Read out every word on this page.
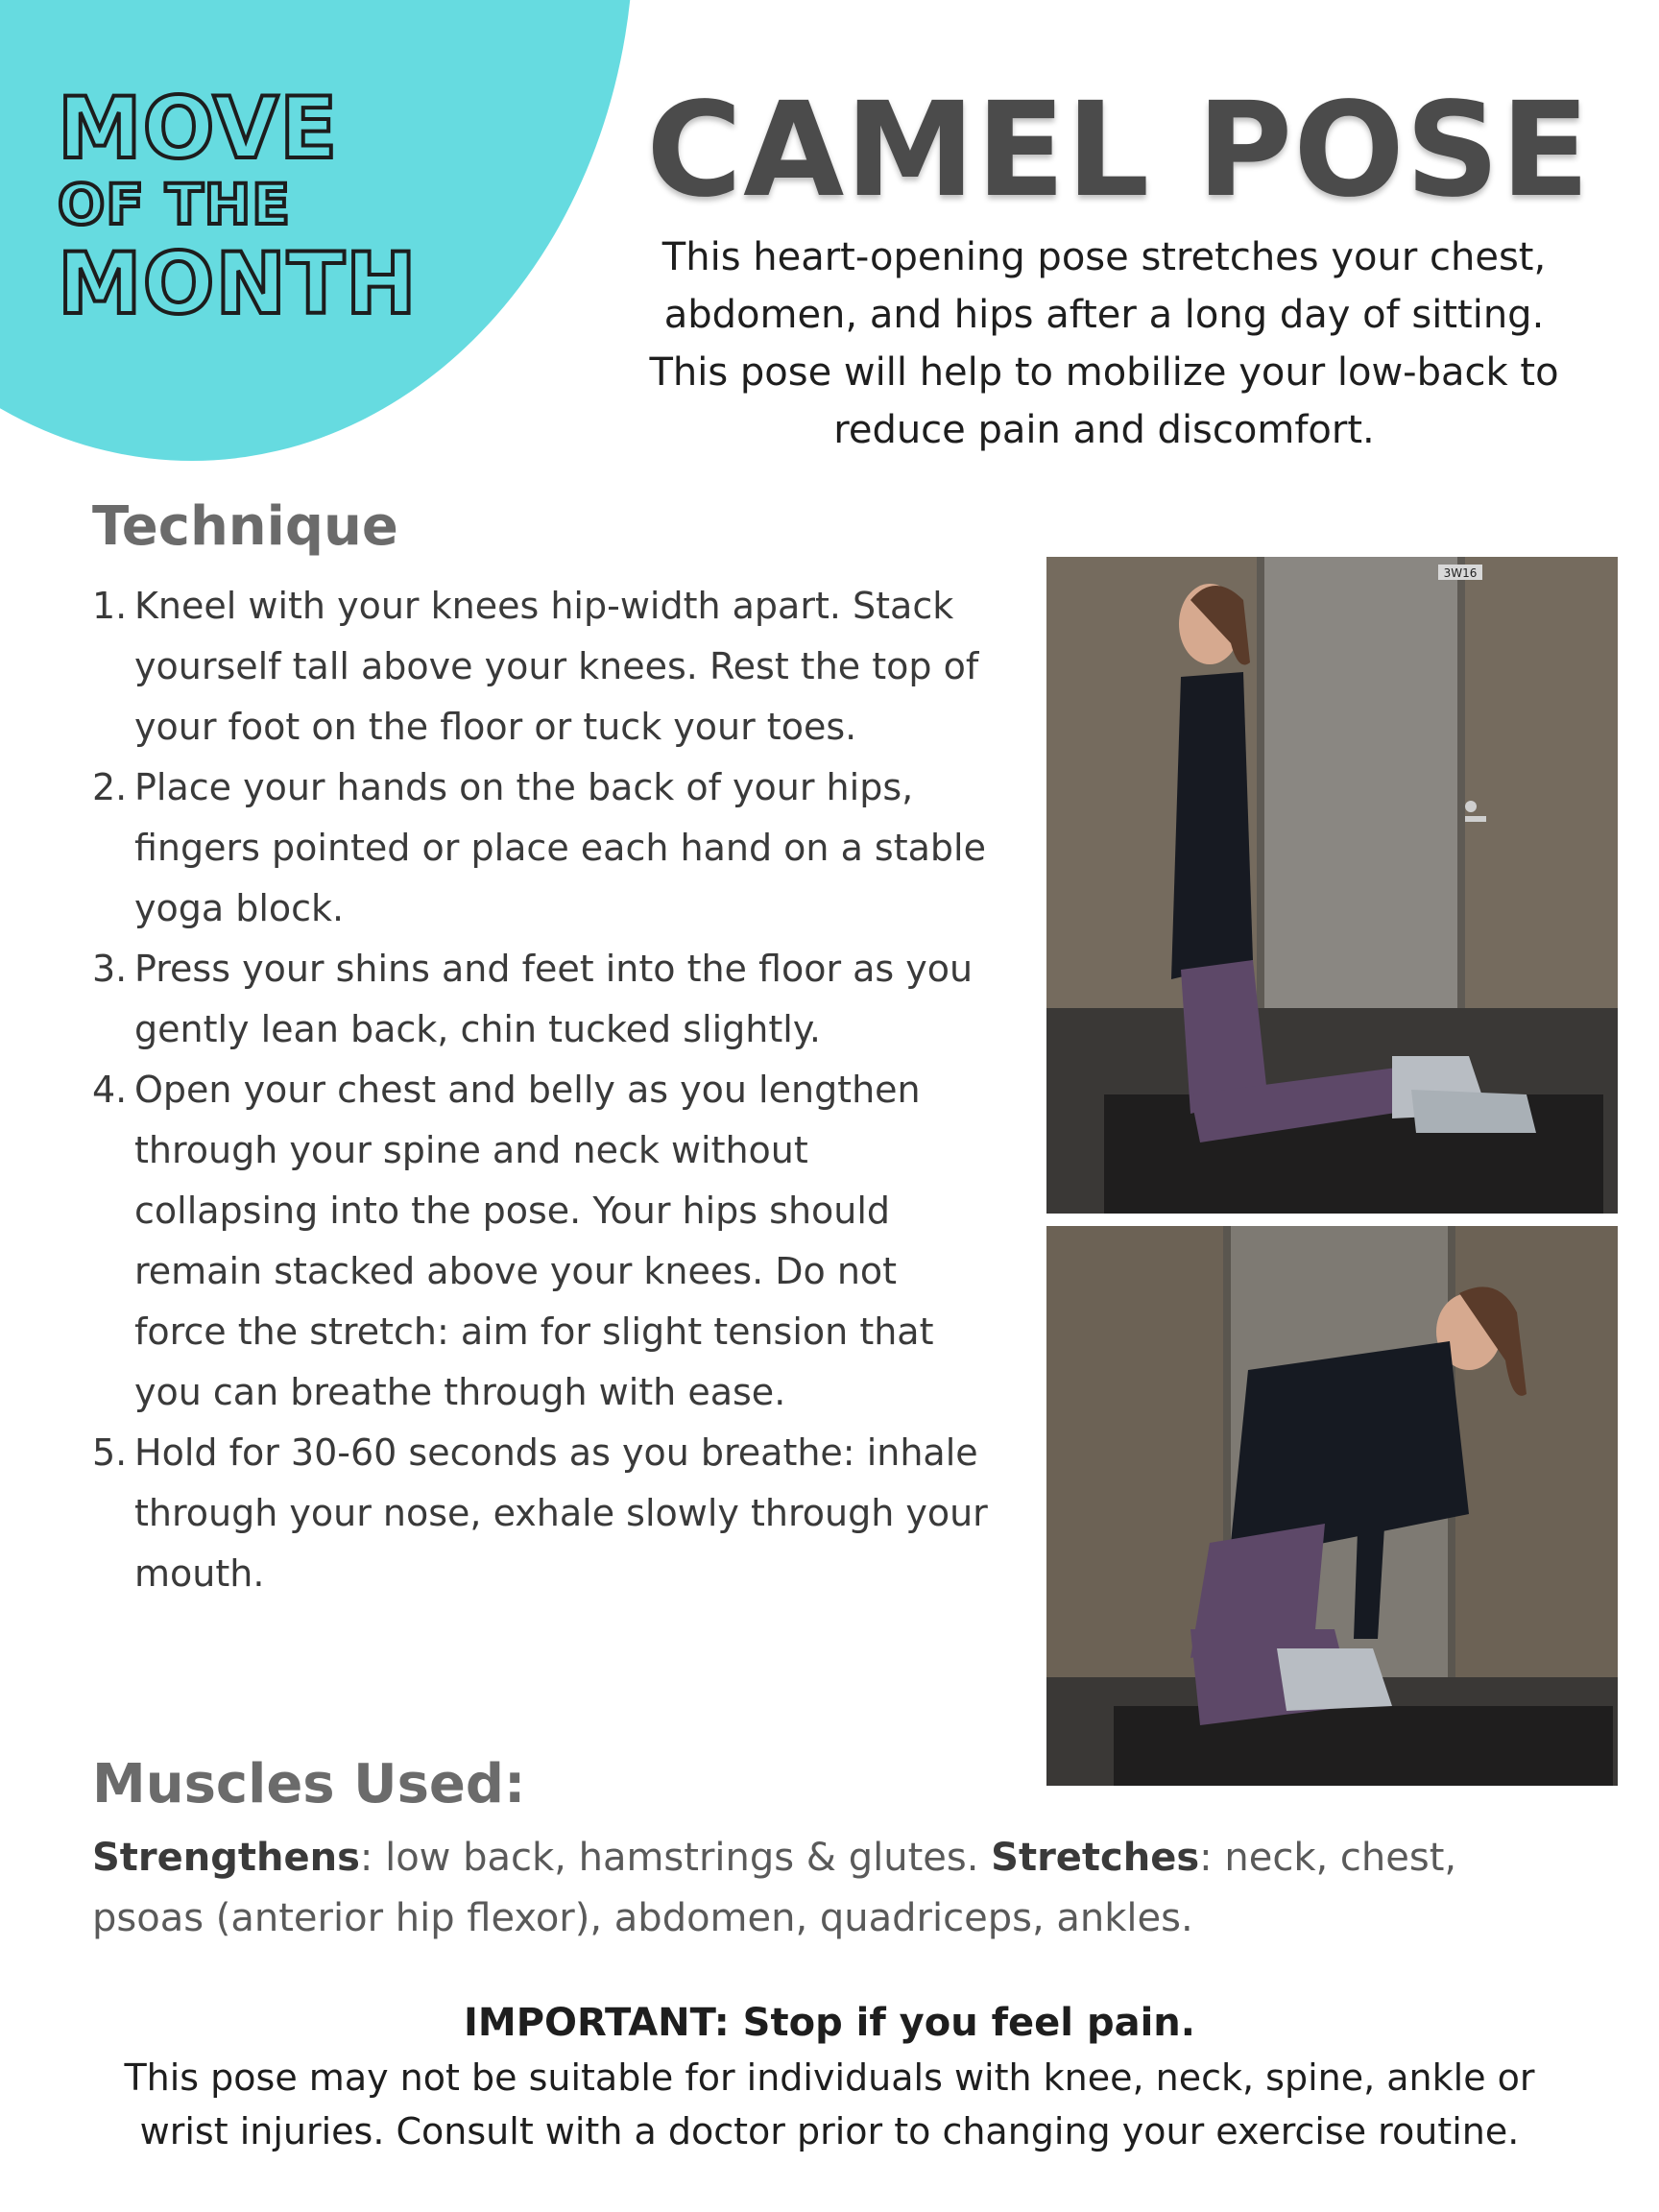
MOVE
OF THE
MONTH
CAMEL POSE
This heart-opening pose stretches your chest, abdomen, and hips after a long day of sitting. This pose will help to mobilize your low-back to reduce pain and discomfort.
Technique
1. Kneel with your knees hip-width apart. Stack yourself tall above your knees. Rest the top of your foot on the floor or tuck your toes.
2. Place your hands on the back of your hips, fingers pointed or place each hand on a stable yoga block.
3. Press your shins and feet into the floor as you gently lean back, chin tucked slightly.
4. Open your chest and belly as you lengthen through your spine and neck without collapsing into the pose. Your hips should remain stacked above your knees. Do not force the stretch: aim for slight tension that you can breathe through with ease.
5. Hold for 30-60 seconds as you breathe: inhale through your nose, exhale slowly through your mouth.
3W16
Muscles Used:
Strengthens: low back, hamstrings & glutes. Stretches: neck, chest, psoas (anterior hip flexor), abdomen, quadriceps, ankles.
IMPORTANT: Stop if you feel pain.
This pose may not be suitable for individuals with knee, neck, spine, ankle or wrist injuries. Consult with a doctor prior to changing your exercise routine.
